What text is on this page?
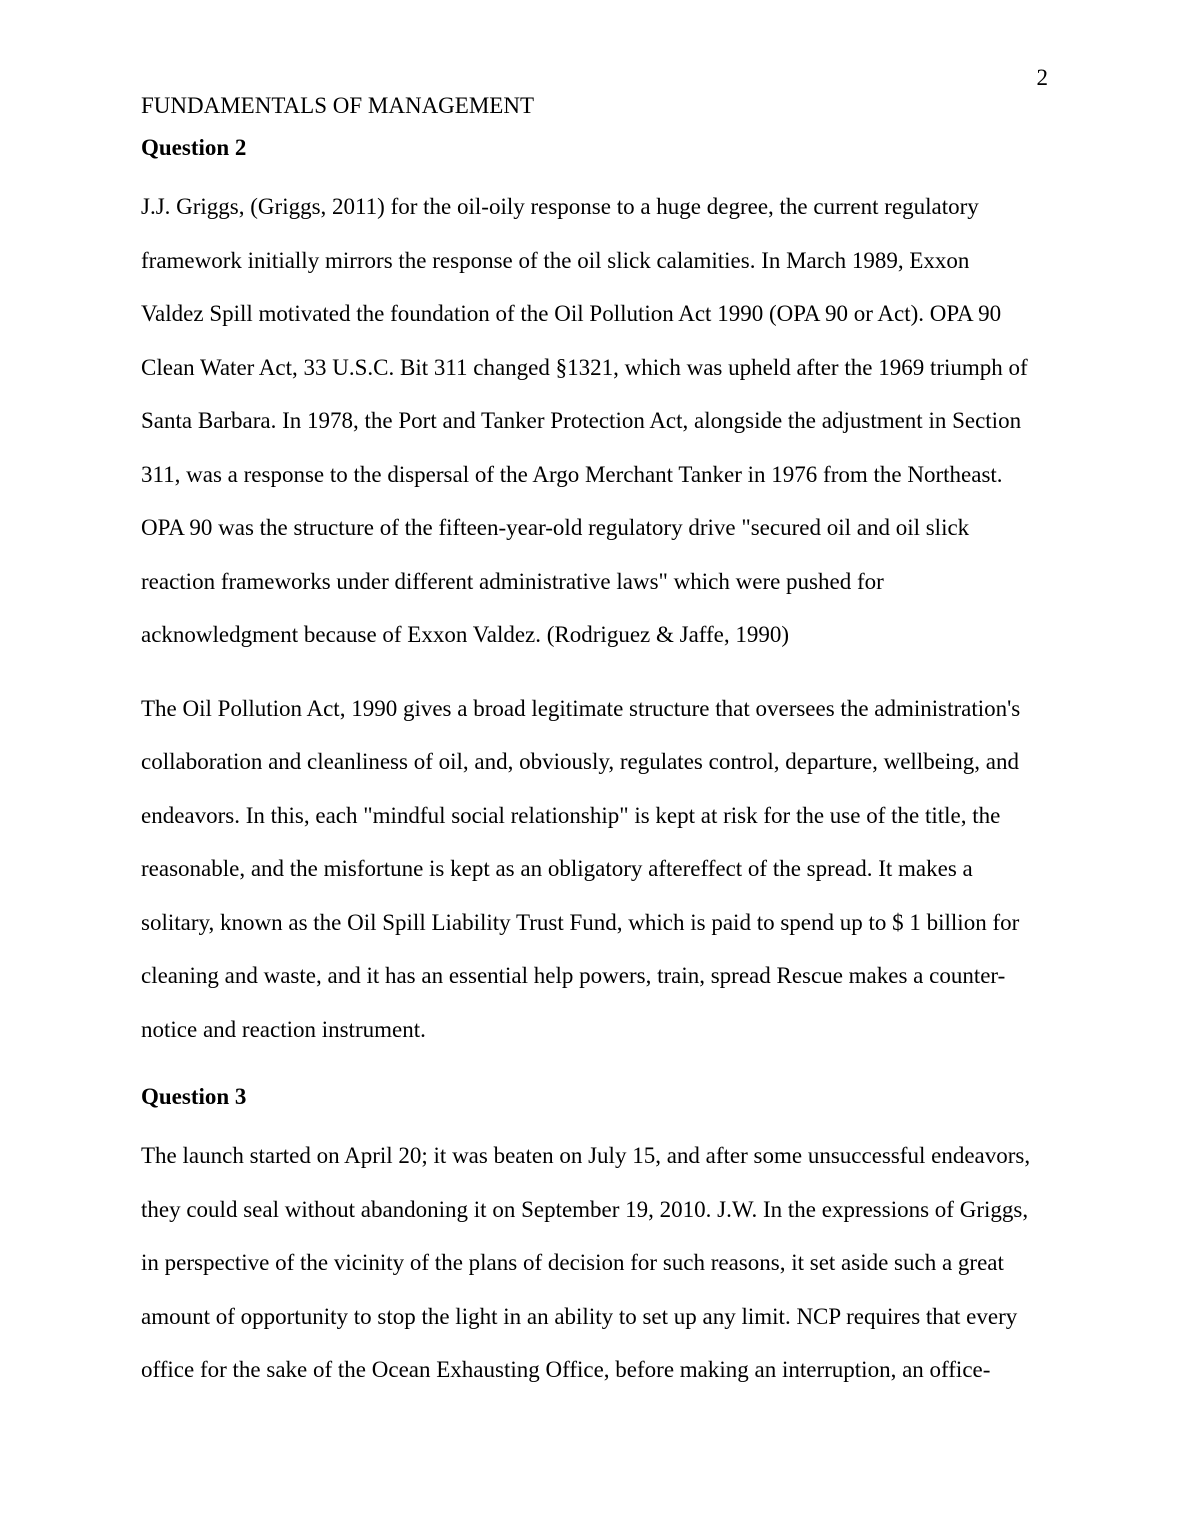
2
FUNDAMENTALS OF MANAGEMENT
Question 2
J.J. Griggs, (Griggs, 2011) for the oil-oily response to a huge degree, the current regulatory
framework initially mirrors the response of the oil slick calamities. In March 1989, Exxon
Valdez Spill motivated the foundation of the Oil Pollution Act 1990 (OPA 90 or Act). OPA 90
Clean Water Act, 33 U.S.C. Bit 311 changed §1321, which was upheld after the 1969 triumph of
Santa Barbara. In 1978, the Port and Tanker Protection Act, alongside the adjustment in Section
311, was a response to the dispersal of the Argo Merchant Tanker in 1976 from the Northeast.
OPA 90 was the structure of the fifteen-year-old regulatory drive "secured oil and oil slick
reaction frameworks under different administrative laws" which were pushed for
acknowledgment because of Exxon Valdez. (Rodriguez & Jaffe, 1990)
The Oil Pollution Act, 1990 gives a broad legitimate structure that oversees the administration's
collaboration and cleanliness of oil, and, obviously, regulates control, departure, wellbeing, and
endeavors. In this, each "mindful social relationship" is kept at risk for the use of the title, the
reasonable, and the misfortune is kept as an obligatory aftereffect of the spread. It makes a
solitary, known as the Oil Spill Liability Trust Fund, which is paid to spend up to $ 1 billion for
cleaning and waste, and it has an essential help powers, train, spread Rescue makes a counter-
notice and reaction instrument.
Question 3
The launch started on April 20; it was beaten on July 15, and after some unsuccessful endeavors,
they could seal without abandoning it on September 19, 2010. J.W. In the expressions of Griggs,
in perspective of the vicinity of the plans of decision for such reasons, it set aside such a great
amount of opportunity to stop the light in an ability to set up any limit. NCP requires that every
office for the sake of the Ocean Exhausting Office, before making an interruption, an office-
